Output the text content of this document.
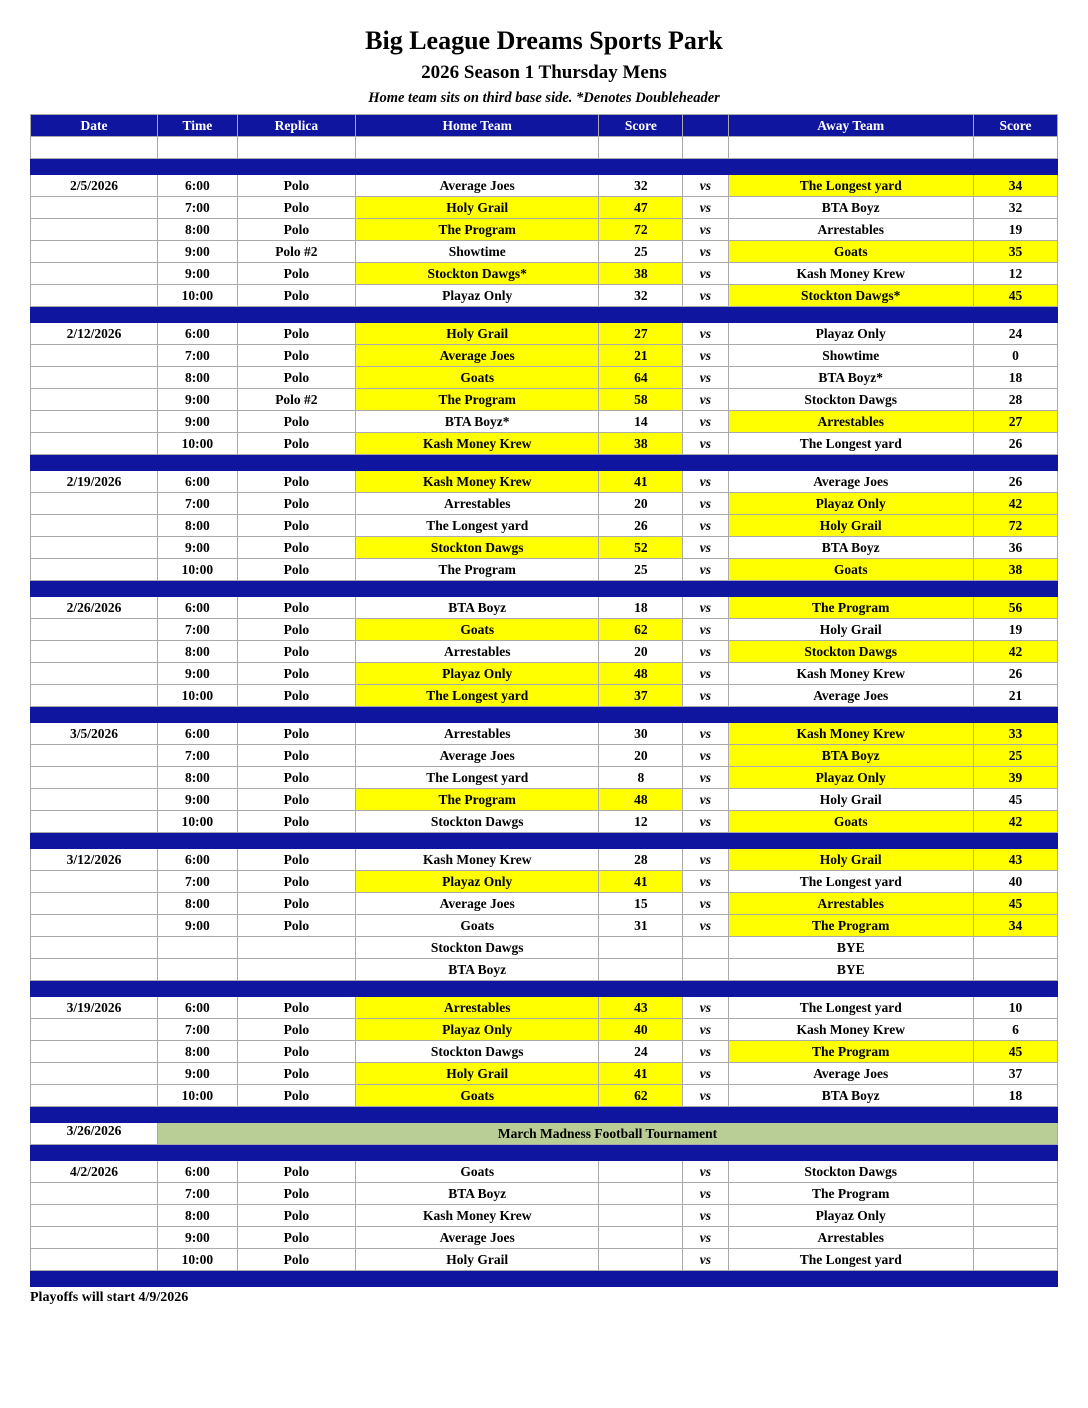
Big League Dreams Sports Park
2026 Season 1 Thursday Mens
Home team sits on third base side. *Denotes Doubleheader
Date	Time	Replica	Home Team	Score		Away Team	Score

2/5/2026	6:00	Polo	Average Joes	32	vs	The Longest yard	34
	7:00	Polo	Holy Grail	47	vs	BTA Boyz	32
	8:00	Polo	The Program	72	vs	Arrestables	19
	9:00	Polo #2	Showtime	25	vs	Goats	35
	9:00	Polo	Stockton Dawgs*	38	vs	Kash Money Krew	12
	10:00	Polo	Playaz Only	32	vs	Stockton Dawgs*	45

2/12/2026	6:00	Polo	Holy Grail	27	vs	Playaz Only	24
	7:00	Polo	Average Joes	21	vs	Showtime	0
	8:00	Polo	Goats	64	vs	BTA Boyz*	18
	9:00	Polo #2	The Program	58	vs	Stockton Dawgs	28
	9:00	Polo	BTA Boyz*	14	vs	Arrestables	27
	10:00	Polo	Kash Money Krew	38	vs	The Longest yard	26

2/19/2026	6:00	Polo	Kash Money Krew	41	vs	Average Joes	26
	7:00	Polo	Arrestables	20	vs	Playaz Only	42
	8:00	Polo	The Longest yard	26	vs	Holy Grail	72
	9:00	Polo	Stockton Dawgs	52	vs	BTA Boyz	36
	10:00	Polo	The Program	25	vs	Goats	38

2/26/2026	6:00	Polo	BTA Boyz	18	vs	The Program	56
	7:00	Polo	Goats	62	vs	Holy Grail	19
	8:00	Polo	Arrestables	20	vs	Stockton Dawgs	42
	9:00	Polo	Playaz Only	48	vs	Kash Money Krew	26
	10:00	Polo	The Longest yard	37	vs	Average Joes	21

3/5/2026	6:00	Polo	Arrestables	30	vs	Kash Money Krew	33
	7:00	Polo	Average Joes	20	vs	BTA Boyz	25
	8:00	Polo	The Longest yard	8	vs	Playaz Only	39
	9:00	Polo	The Program	48	vs	Holy Grail	45
	10:00	Polo	Stockton Dawgs	12	vs	Goats	42

3/12/2026	6:00	Polo	Kash Money Krew	28	vs	Holy Grail	43
	7:00	Polo	Playaz Only	41	vs	The Longest yard	40
	8:00	Polo	Average Joes	15	vs	Arrestables	45
	9:00	Polo	Goats	31	vs	The Program	34
			Stockton Dawgs			BYE	
			BTA Boyz			BYE	

3/19/2026	6:00	Polo	Arrestables	43	vs	The Longest yard	10
	7:00	Polo	Playaz Only	40	vs	Kash Money Krew	6
	8:00	Polo	Stockton Dawgs	24	vs	The Program	45
	9:00	Polo	Holy Grail	41	vs	Average Joes	37
	10:00	Polo	Goats	62	vs	BTA Boyz	18

3/26/2026	March Madness Football Tournament						

4/2/2026	6:00	Polo	Goats		vs	Stockton Dawgs	
	7:00	Polo	BTA Boyz		vs	The Program	
	8:00	Polo	Kash Money Krew		vs	Playaz Only	
	9:00	Polo	Average Joes		vs	Arrestables	
	10:00	Polo	Holy Grail		vs	The Longest yard	

Playoffs will start 4/9/2026
